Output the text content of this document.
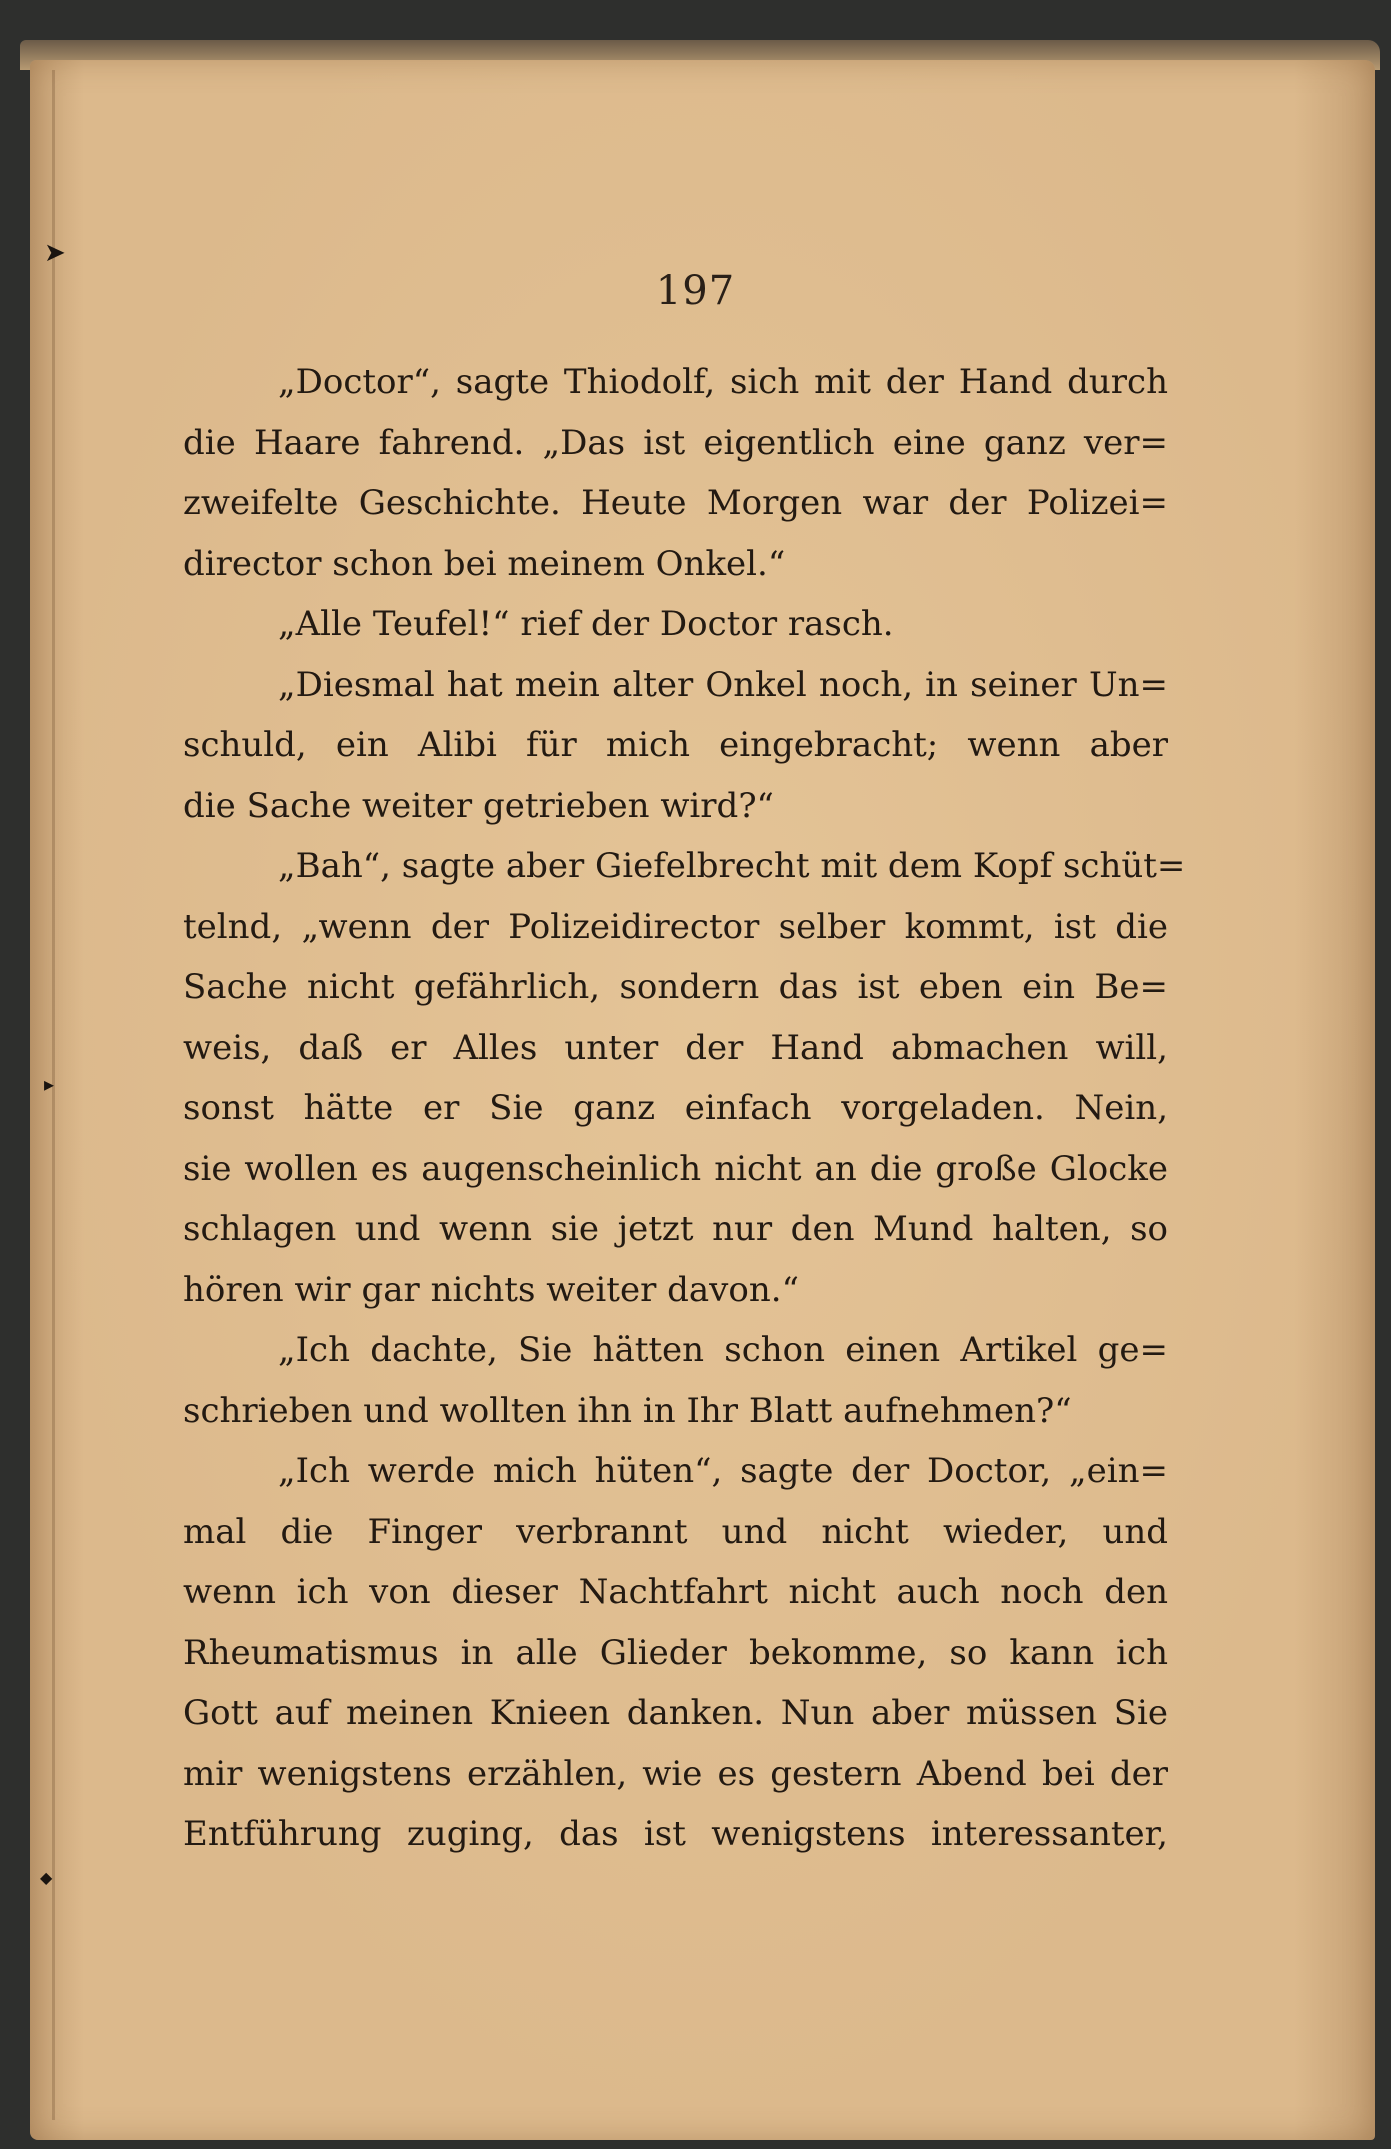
➤
▸
◆
197
„Doctor“, sagte Thiodolf, sich mit der Hand durch
die Haare fahrend. „Das ist eigentlich eine ganz ver=
zweifelte Geschichte. Heute Morgen war der Polizei=
director schon bei meinem Onkel.“
„Alle Teufel!“ rief der Doctor rasch.
„Diesmal hat mein alter Onkel noch, in seiner Un=
schuld, ein Alibi für mich eingebracht; wenn aber
die Sache weiter getrieben wird?“
„Bah“, sagte aber Giefelbrecht mit dem Kopf schüt=
telnd, „wenn der Polizeidirector selber kommt, ist die
Sache nicht gefährlich, sondern das ist eben ein Be=
weis, daß er Alles unter der Hand abmachen will,
sonst hätte er Sie ganz einfach vorgeladen. Nein,
sie wollen es augenscheinlich nicht an die große Glocke
schlagen und wenn sie jetzt nur den Mund halten, so
hören wir gar nichts weiter davon.“
„Ich dachte, Sie hätten schon einen Artikel ge=
schrieben und wollten ihn in Ihr Blatt aufnehmen?“
„Ich werde mich hüten“, sagte der Doctor, „ein=
mal die Finger verbrannt und nicht wieder, und
wenn ich von dieser Nachtfahrt nicht auch noch den
Rheumatismus in alle Glieder bekomme, so kann ich
Gott auf meinen Knieen danken. Nun aber müssen Sie
mir wenigstens erzählen, wie es gestern Abend bei der
Entführung zuging, das ist wenigstens interessanter,
